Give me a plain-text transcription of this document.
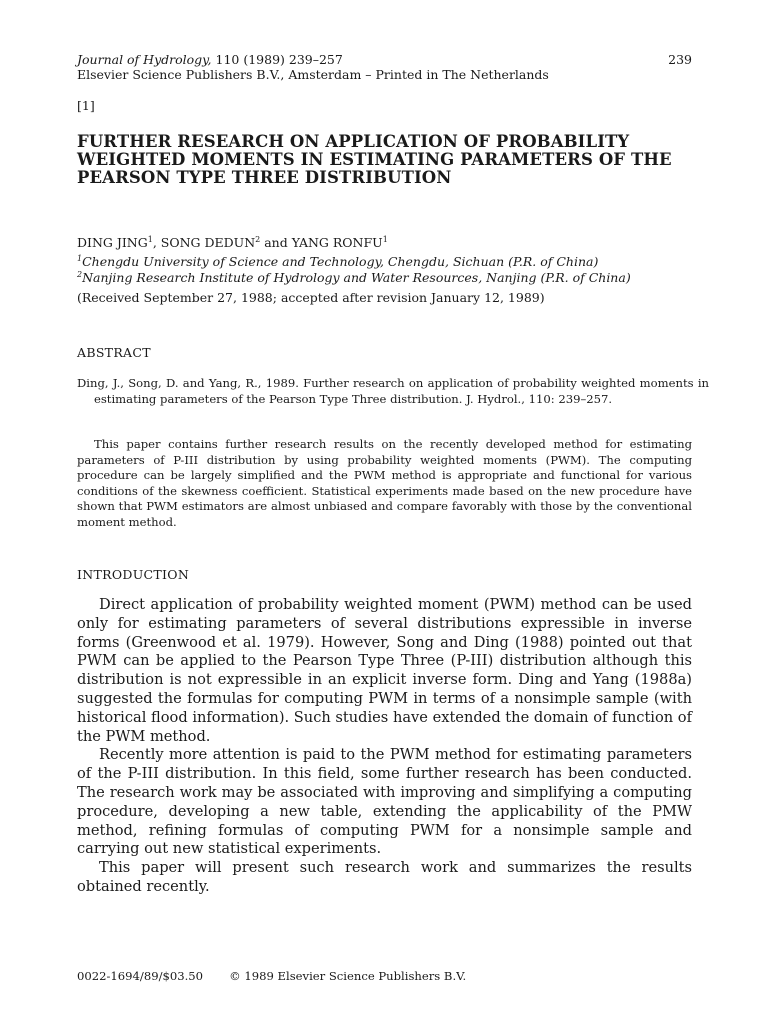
Journal of Hydrology, 110 (1989) 239–257	239
Elsevier Science Publishers B.V., Amsterdam – Printed in The Netherlands
[1]
FURTHER RESEARCH ON APPLICATION OF PROBABILITY
WEIGHTED MOMENTS IN ESTIMATING PARAMETERS OF THE
PEARSON TYPE THREE DISTRIBUTION
DING JING$^1$, SONG DEDUN$^2$ and YANG RONFU$^1$
$^1$Chengdu University of Science and Technology, Chengdu, Sichuan (P.R. of China)
$^2$Nanjing Research Institute of Hydrology and Water Resources, Nanjing (P.R. of China)
(Received September 27, 1988; accepted after revision January 12, 1989)
ABSTRACT
Ding, J., Song, D. and Yang, R., 1989. Further research on application of probability weighted moments in estimating parameters of the Pearson Type Three distribution. J. Hydrol., 110: 239–257.
This paper contains further research results on the recently developed method for estimating parameters of P-III distribution by using probability weighted moments (PWM). The computing procedure can be largely simplified and the PWM method is appropriate and functional for various conditions of the skewness coefficient. Statistical experiments made based on the new procedure have shown that PWM estimators are almost unbiased and compare favorably with those by the conventional moment method.
INTRODUCTION

Direct application of probability weighted moment (PWM) method can be used only for estimating parameters of several distributions expressible in inverse forms (Greenwood et al. 1979). However, Song and Ding (1988) pointed out that PWM can be applied to the Pearson Type Three (P-III) distribution although this distribution is not expressible in an explicit inverse form. Ding and Yang (1988a) suggested the formulas for computing PWM in terms of a nonsimple sample (with historical flood information). Such studies have extended the domain of function of the PWM method.

Recently more attention is paid to the PWM method for estimating parameters of the P-III distribution. In this field, some further research has been conducted. The research work may be associated with improving and simplifying a computing procedure, developing a new table, extending the applicability of the PMW method, refining formulas of computing PWM for a nonsimple sample and carrying out new statistical experiments.

This paper will present such research work and summarizes the results obtained recently.

0022-1694/89/$03.50 © 1989 Elsevier Science Publishers B.V.
